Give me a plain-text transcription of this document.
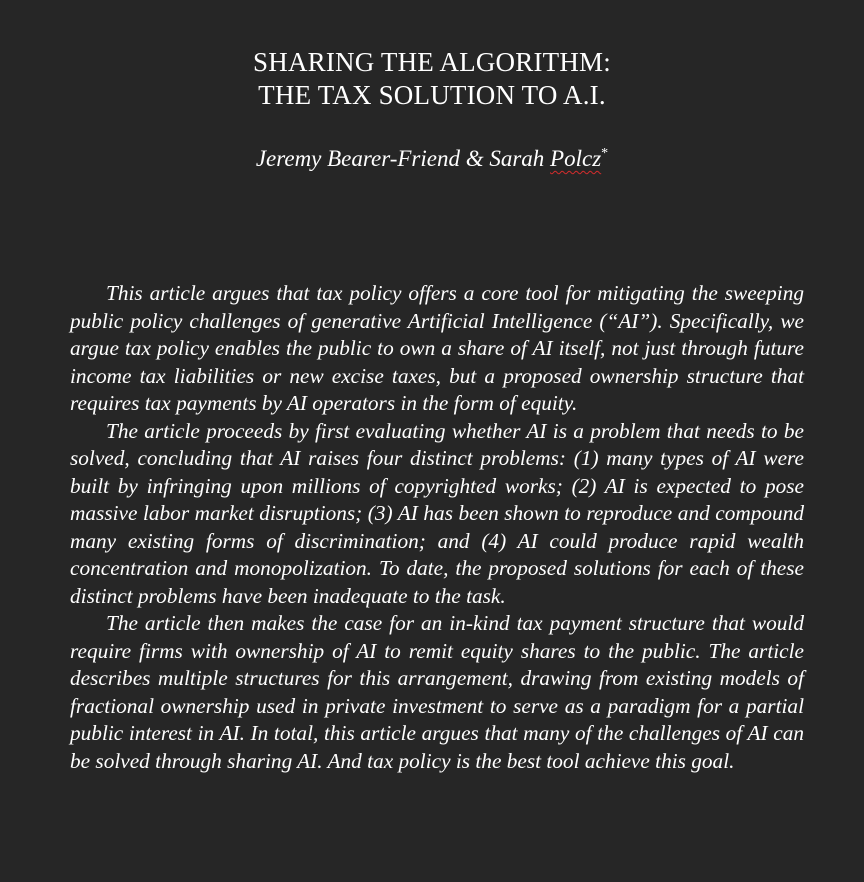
SHARING THE ALGORITHM:

THE TAX SOLUTION TO A.I.

Jeremy Bearer-Friend & Sarah Polcz*

This article argues that tax policy offers a core tool for mitigating the sweeping public policy challenges of generative Artificial Intelligence (“AI”). Specifically, we argue tax policy enables the public to own a share of AI itself, not just through future income tax liabilities or new excise taxes, but a proposed ownership structure that requires tax payments by AI operators in the form of equity.

The article proceeds by first evaluating whether AI is a problem that needs to be solved, concluding that AI raises four distinct problems: (1) many types of AI were built by infringing upon millions of copyrighted works; (2) AI is expected to pose massive labor market disruptions; (3) AI has been shown to reproduce and compound many existing forms of discrimination; and (4) AI could produce rapid wealth concentration and monopolization. To date, the proposed solutions for each of these distinct problems have been inadequate to the task.

The article then makes the case for an in-kind tax payment structure that would require firms with ownership of AI to remit equity shares to the public. The article describes multiple structures for this arrangement, drawing from existing models of fractional ownership used in private investment to serve as a paradigm for a partial public interest in AI. In total, this article argues that many of the challenges of AI can be solved through sharing AI. And tax policy is the best tool achieve this goal.
